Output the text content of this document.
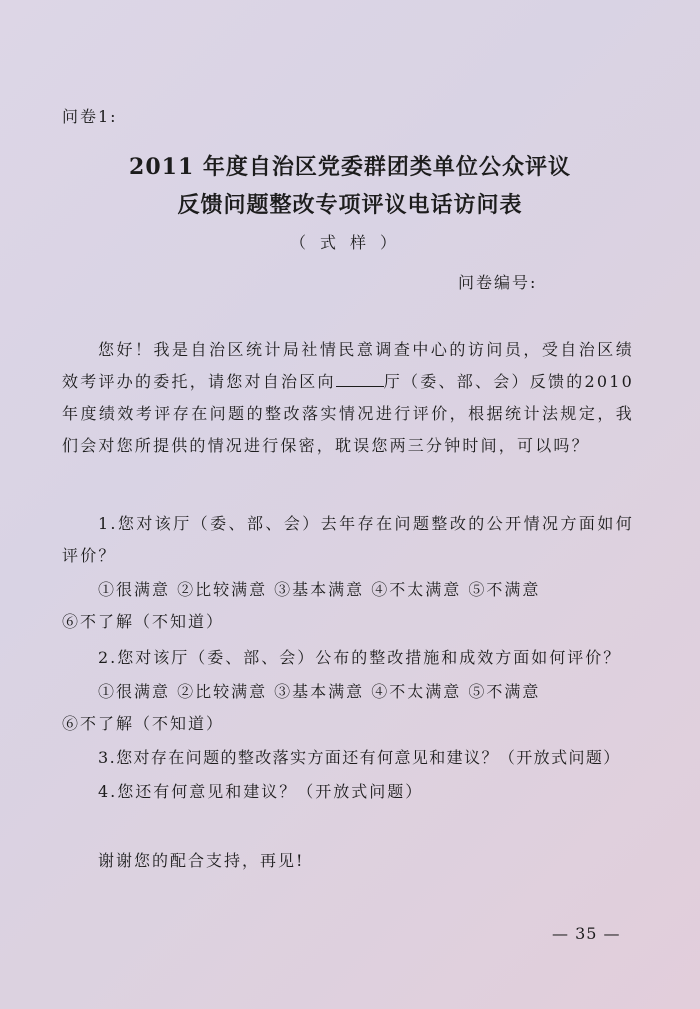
问卷1:
2011 年度自治区党委群团类单位公众评议
反馈问题整改专项评议电话访问表
（式样）
问卷编号:
您好！我是自治区统计局社情民意调查中心的访问员，受自治区绩效考评办的委托，请您对自治区向	厅（委、部、会）反馈的2010 年度绩效考评存在问题的整改落实情况进行评价，根据统计法规定，我们会对您所提供的情况进行保密，耽误您两三分钟时间，可以吗？
1.您对该厅（委、部、会）去年存在问题整改的公开情况方面如何评价？
①很满意 ②比较满意 ③基本满意 ④不太满意 ⑤不满意
⑥不了解（不知道）
2.您对该厅（委、部、会）公布的整改措施和成效方面如何评价？
①很满意 ②比较满意 ③基本满意 ④不太满意 ⑤不满意
⑥不了解（不知道）
3.您对存在问题的整改落实方面还有何意见和建议？（开放式问题）
4.您还有何意见和建议？（开放式问题）
谢谢您的配合支持，再见!
— 35 —
